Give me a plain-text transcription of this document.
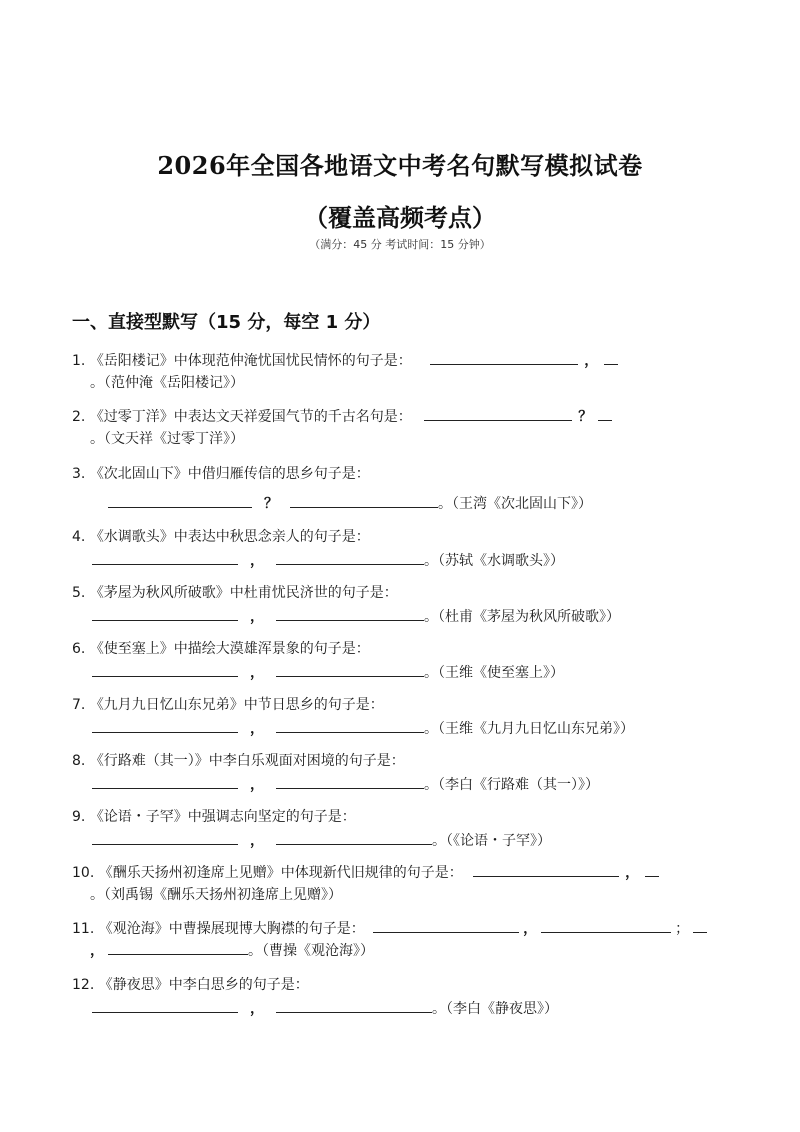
2026年全国各地语文中考名句默写模拟试卷
（覆盖高频考点）
（满分：45 分 考试时间：15 分钟）
一、直接型默写（15 分，每空 1 分）
1. 《岳阳楼记》中体现范仲淹忧国忧民情怀的句子是：	，
。（范仲淹《岳阳楼记》）
2. 《过零丁洋》中表达文天祥爱国气节的千古名句是：	？
。（文天祥《过零丁洋》）
3. 《次北固山下》中借归雁传信的思乡句子是：
？	。（王湾《次北固山下》）
4. 《水调歌头》中表达中秋思念亲人的句子是：
，	。（苏轼《水调歌头》）
5. 《茅屋为秋风所破歌》中杜甫忧民济世的句子是：
，	。（杜甫《茅屋为秋风所破歌》）
6. 《使至塞上》中描绘大漠雄浑景象的句子是：
，	。（王维《使至塞上》）
7. 《九月九日忆山东兄弟》中节日思乡的句子是：
，	。（王维《九月九日忆山东兄弟》）
8. 《行路难（其一）》中李白乐观面对困境的句子是：
，	。（李白《行路难（其一）》）
9. 《论语・子罕》中强调志向坚定的句子是：
，	。（《论语・子罕》）
10. 《酬乐天扬州初逢席上见赠》中体现新代旧规律的句子是：	，
。（刘禹锡《酬乐天扬州初逢席上见赠》）
11. 《观沧海》中曹操展现博大胸襟的句子是：	，	；
，	。（曹操《观沧海》）
12. 《静夜思》中李白思乡的句子是：
，	。（李白《静夜思》）
